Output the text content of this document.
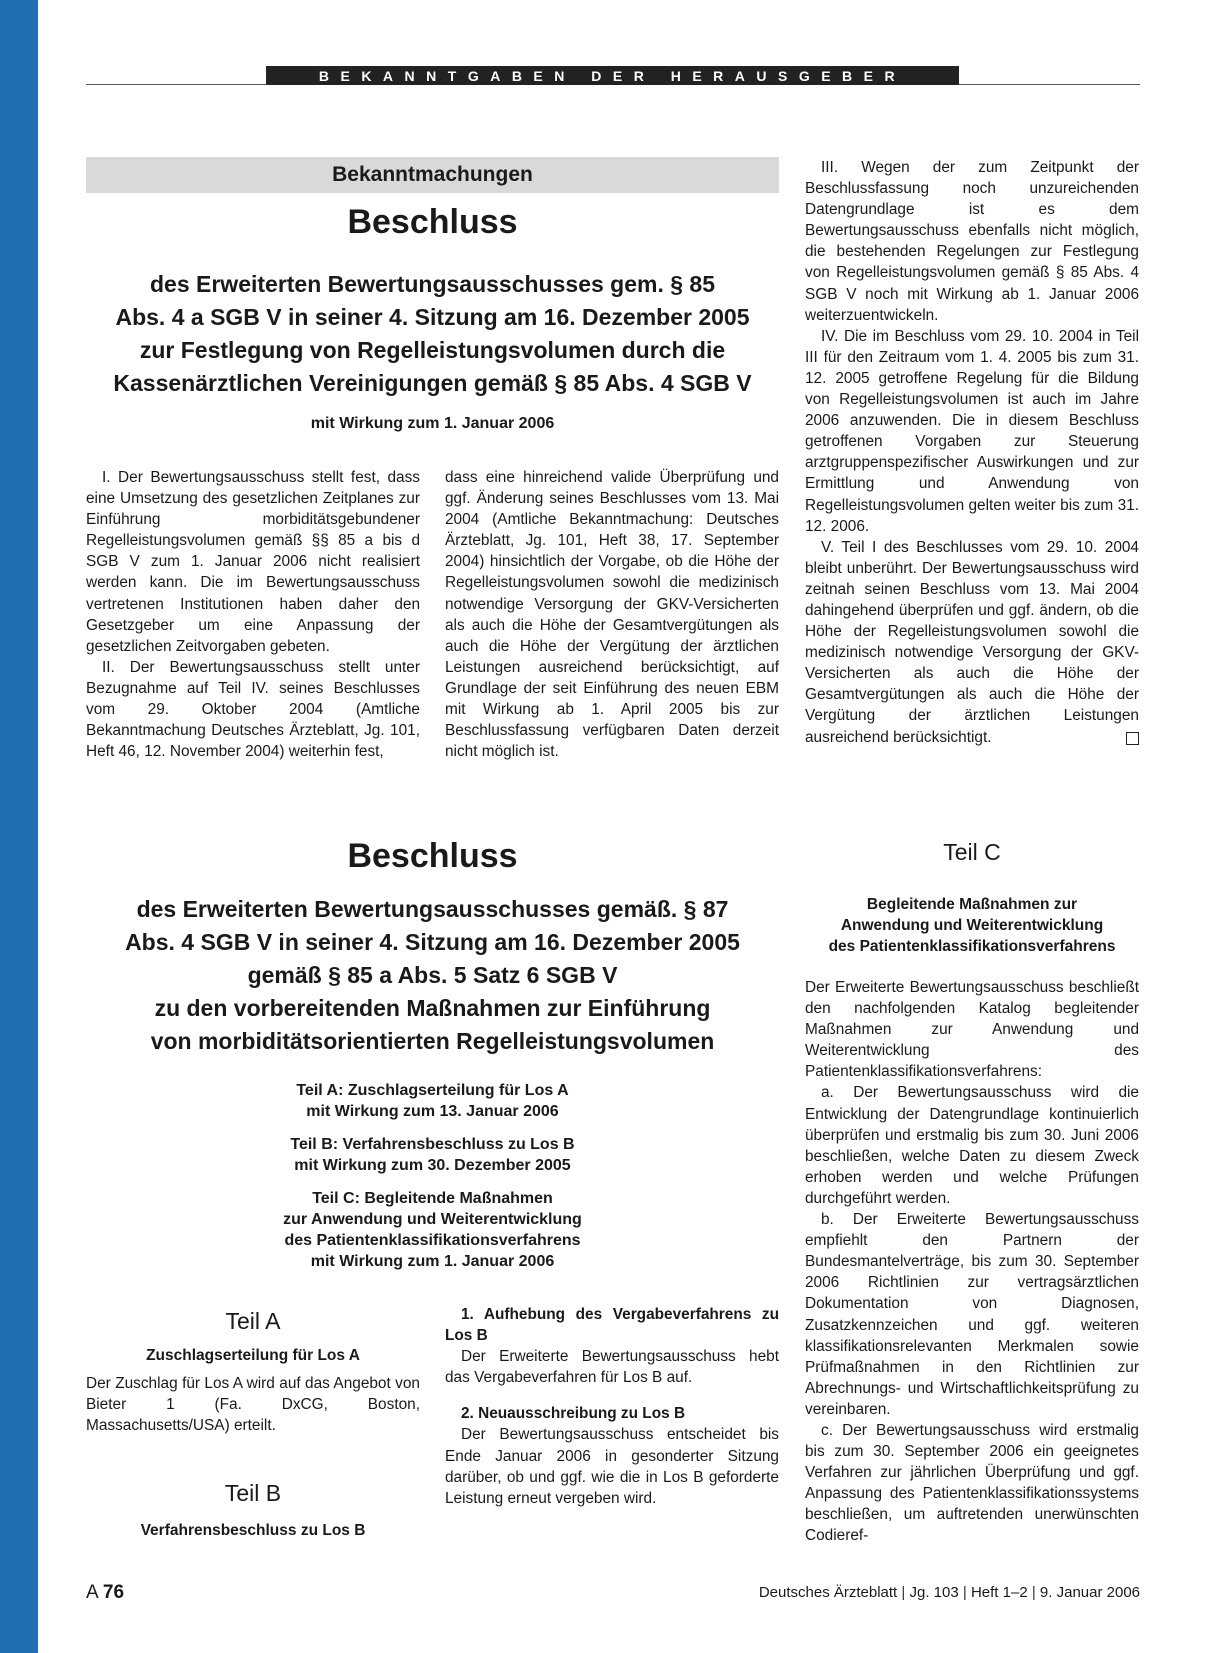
BEKANNTGABEN DER HERAUSGEBER
Bekanntmachungen
Beschluss
des Erweiterten Bewertungsausschusses gem. § 85
Abs. 4 a SGB V in seiner 4. Sitzung am 16. Dezember 2005
zur Festlegung von Regelleistungsvolumen durch die
Kassenärztlichen Vereinigungen gemäß § 85 Abs. 4 SGB V
mit Wirkung zum 1. Januar 2006

I. Der Bewertungsausschuss stellt fest, dass eine Umsetzung des gesetzlichen Zeitplanes zur Einführung morbiditätsgebundener Regelleistungsvolumen gemäß §§ 85 a bis d SGB V zum 1. Januar 2006 nicht realisiert werden kann. Die im Bewertungsausschuss vertretenen Institutionen haben daher den Gesetzgeber um eine Anpassung der gesetzlichen Zeitvorgaben gebeten.

II. Der Bewertungsausschuss stellt unter Bezugnahme auf Teil IV. seines Beschlusses vom 29. Oktober 2004 (Amtliche Bekanntmachung Deutsches Ärzteblatt, Jg. 101, Heft 46, 12. November 2004) weiterhin fest,

dass eine hinreichend valide Überprüfung und ggf. Änderung seines Beschlusses vom 13. Mai 2004 (Amtliche Bekanntmachung: Deutsches Ärzteblatt, Jg. 101, Heft 38, 17. September 2004) hinsichtlich der Vorgabe, ob die Höhe der Regelleistungsvolumen sowohl die medizinisch notwendige Versorgung der GKV-Versicherten als auch die Höhe der Gesamtvergütungen als auch die Höhe der Vergütung der ärztlichen Leistungen ausreichend berücksichtigt, auf Grundlage der seit Einführung des neuen EBM mit Wirkung ab 1. April 2005 bis zur Beschlussfassung verfügbaren Daten derzeit nicht möglich ist.

III. Wegen der zum Zeitpunkt der Beschlussfassung noch unzureichenden Datengrundlage ist es dem Bewertungsausschuss ebenfalls nicht möglich, die bestehenden Regelungen zur Festlegung von Regelleistungsvolumen gemäß § 85 Abs. 4 SGB V noch mit Wirkung ab 1. Januar 2006 weiterzuentwickeln.

IV. Die im Beschluss vom 29. 10. 2004 in Teil III für den Zeitraum vom 1. 4. 2005 bis zum 31. 12. 2005 getroffene Regelung für die Bildung von Regelleistungsvolumen ist auch im Jahre 2006 anzuwenden. Die in diesem Beschluss getroffenen Vorgaben zur Steuerung arztgruppenspezifischer Auswirkungen und zur Ermittlung und Anwendung von Regelleistungsvolumen gelten weiter bis zum 31. 12. 2006.

V. Teil I des Beschlusses vom 29. 10. 2004 bleibt unberührt. Der Bewertungsausschuss wird zeitnah seinen Beschluss vom 13. Mai 2004 dahingehend überprüfen und ggf. ändern, ob die Höhe der Regelleistungsvolumen sowohl die medizinisch notwendige Versorgung der GKV-Versicherten als auch die Höhe der Gesamtvergütungen als auch die Höhe der Vergütung der ärztlichen Leistungen ausreichend berücksichtigt.

Beschluss
des Erweiterten Bewertungsausschusses gemäß. § 87
Abs. 4 SGB V in seiner 4. Sitzung am 16. Dezember 2005
gemäß § 85 a Abs. 5 Satz 6 SGB V
zu den vorbereitenden Maßnahmen zur Einführung
von morbiditätsorientierten Regelleistungsvolumen
Teil A: Zuschlagserteilung für Los A
mit Wirkung zum 13. Januar 2006
Teil B: Verfahrensbeschluss zu Los B
mit Wirkung zum 30. Dezember 2005
Teil C: Begleitende Maßnahmen
zur Anwendung und Weiterentwicklung
des Patientenklassifikationsverfahrens
mit Wirkung zum 1. Januar 2006
Teil A
Zuschlagserteilung für Los A

Der Zuschlag für Los A wird auf das Angebot von Bieter 1 (Fa. DxCG, Boston, Massachusetts/USA) erteilt.

Teil B
Verfahrensbeschluss zu Los B

1. Aufhebung des Vergabeverfahrens zu Los B

Der Erweiterte Bewertungsausschuss hebt das Vergabeverfahren für Los B auf.

2. Neuausschreibung zu Los B

Der Bewertungsausschuss entscheidet bis Ende Januar 2006 in gesonderter Sitzung darüber, ob und ggf. wie die in Los B geforderte Leistung erneut vergeben wird.

Teil C
Begleitende Maßnahmen zur
Anwendung und Weiterentwicklung
des Patientenklassifikationsverfahrens

Der Erweiterte Bewertungsausschuss beschließt den nachfolgenden Katalog begleitender Maßnahmen zur Anwendung und Weiterentwicklung des Patientenklassifikationsverfahrens:

a. Der Bewertungsausschuss wird die Entwicklung der Datengrundlage kontinuierlich überprüfen und erstmalig bis zum 30. Juni 2006 beschließen, welche Daten zu diesem Zweck erhoben werden und welche Prüfungen durchgeführt werden.

b. Der Erweiterte Bewertungsausschuss empfiehlt den Partnern der Bundesmantelverträge, bis zum 30. September 2006 Richtlinien zur vertragsärztlichen Dokumentation von Diagnosen, Zusatzkennzeichen und ggf. weiteren klassifikationsrelevanten Merkmalen sowie Prüfmaßnahmen in den Richtlinien zur Abrechnungs- und Wirtschaftlichkeitsprüfung zu vereinbaren.

c. Der Bewertungsausschuss wird erstmalig bis zum 30. September 2006 ein geeignetes Verfahren zur jährlichen Überprüfung und ggf. Anpassung des Patientenklassifikationssystems beschließen, um auftretenden unerwünschten Codieref-

A 76	Deutsches Ärzteblatt | Jg. 103 | Heft 1–2 | 9. Januar 2006
